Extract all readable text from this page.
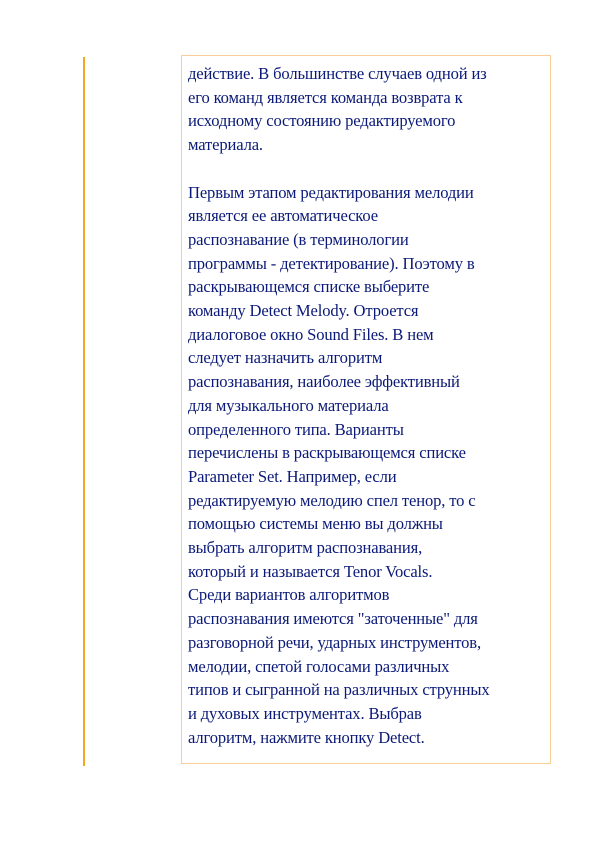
действие. В большинстве случаев одной из
его команд является команда возврата к
исходному состоянию редактируемого
материала.

Первым этапом редактирования мелодии
является ее автоматическое
распознавание (в терминологии
программы - детектирование). Поэтому в
раскрывающемся списке выберите
команду Detect Melody. Отроется
диалоговое окно Sound Files. В нем
следует назначить алгоритм
распознавания, наиболее эффективный
для музыкального материала
определенного типа. Варианты
перечислены в раскрывающемся списке
Parameter Set. Например, если
редактируемую мелодию спел тенор, то с
помощью системы меню вы должны
выбрать алгоритм распознавания,
который и называется Tenor Vocals.
Среди вариантов алгоритмов
распознавания имеются "заточенные" для
разговорной речи, ударных инструментов,
мелодии, спетой голосами различных
типов и сыгранной на различных струнных
и духовых инструментах. Выбрав
алгоритм, нажмите кнопку Detect.
